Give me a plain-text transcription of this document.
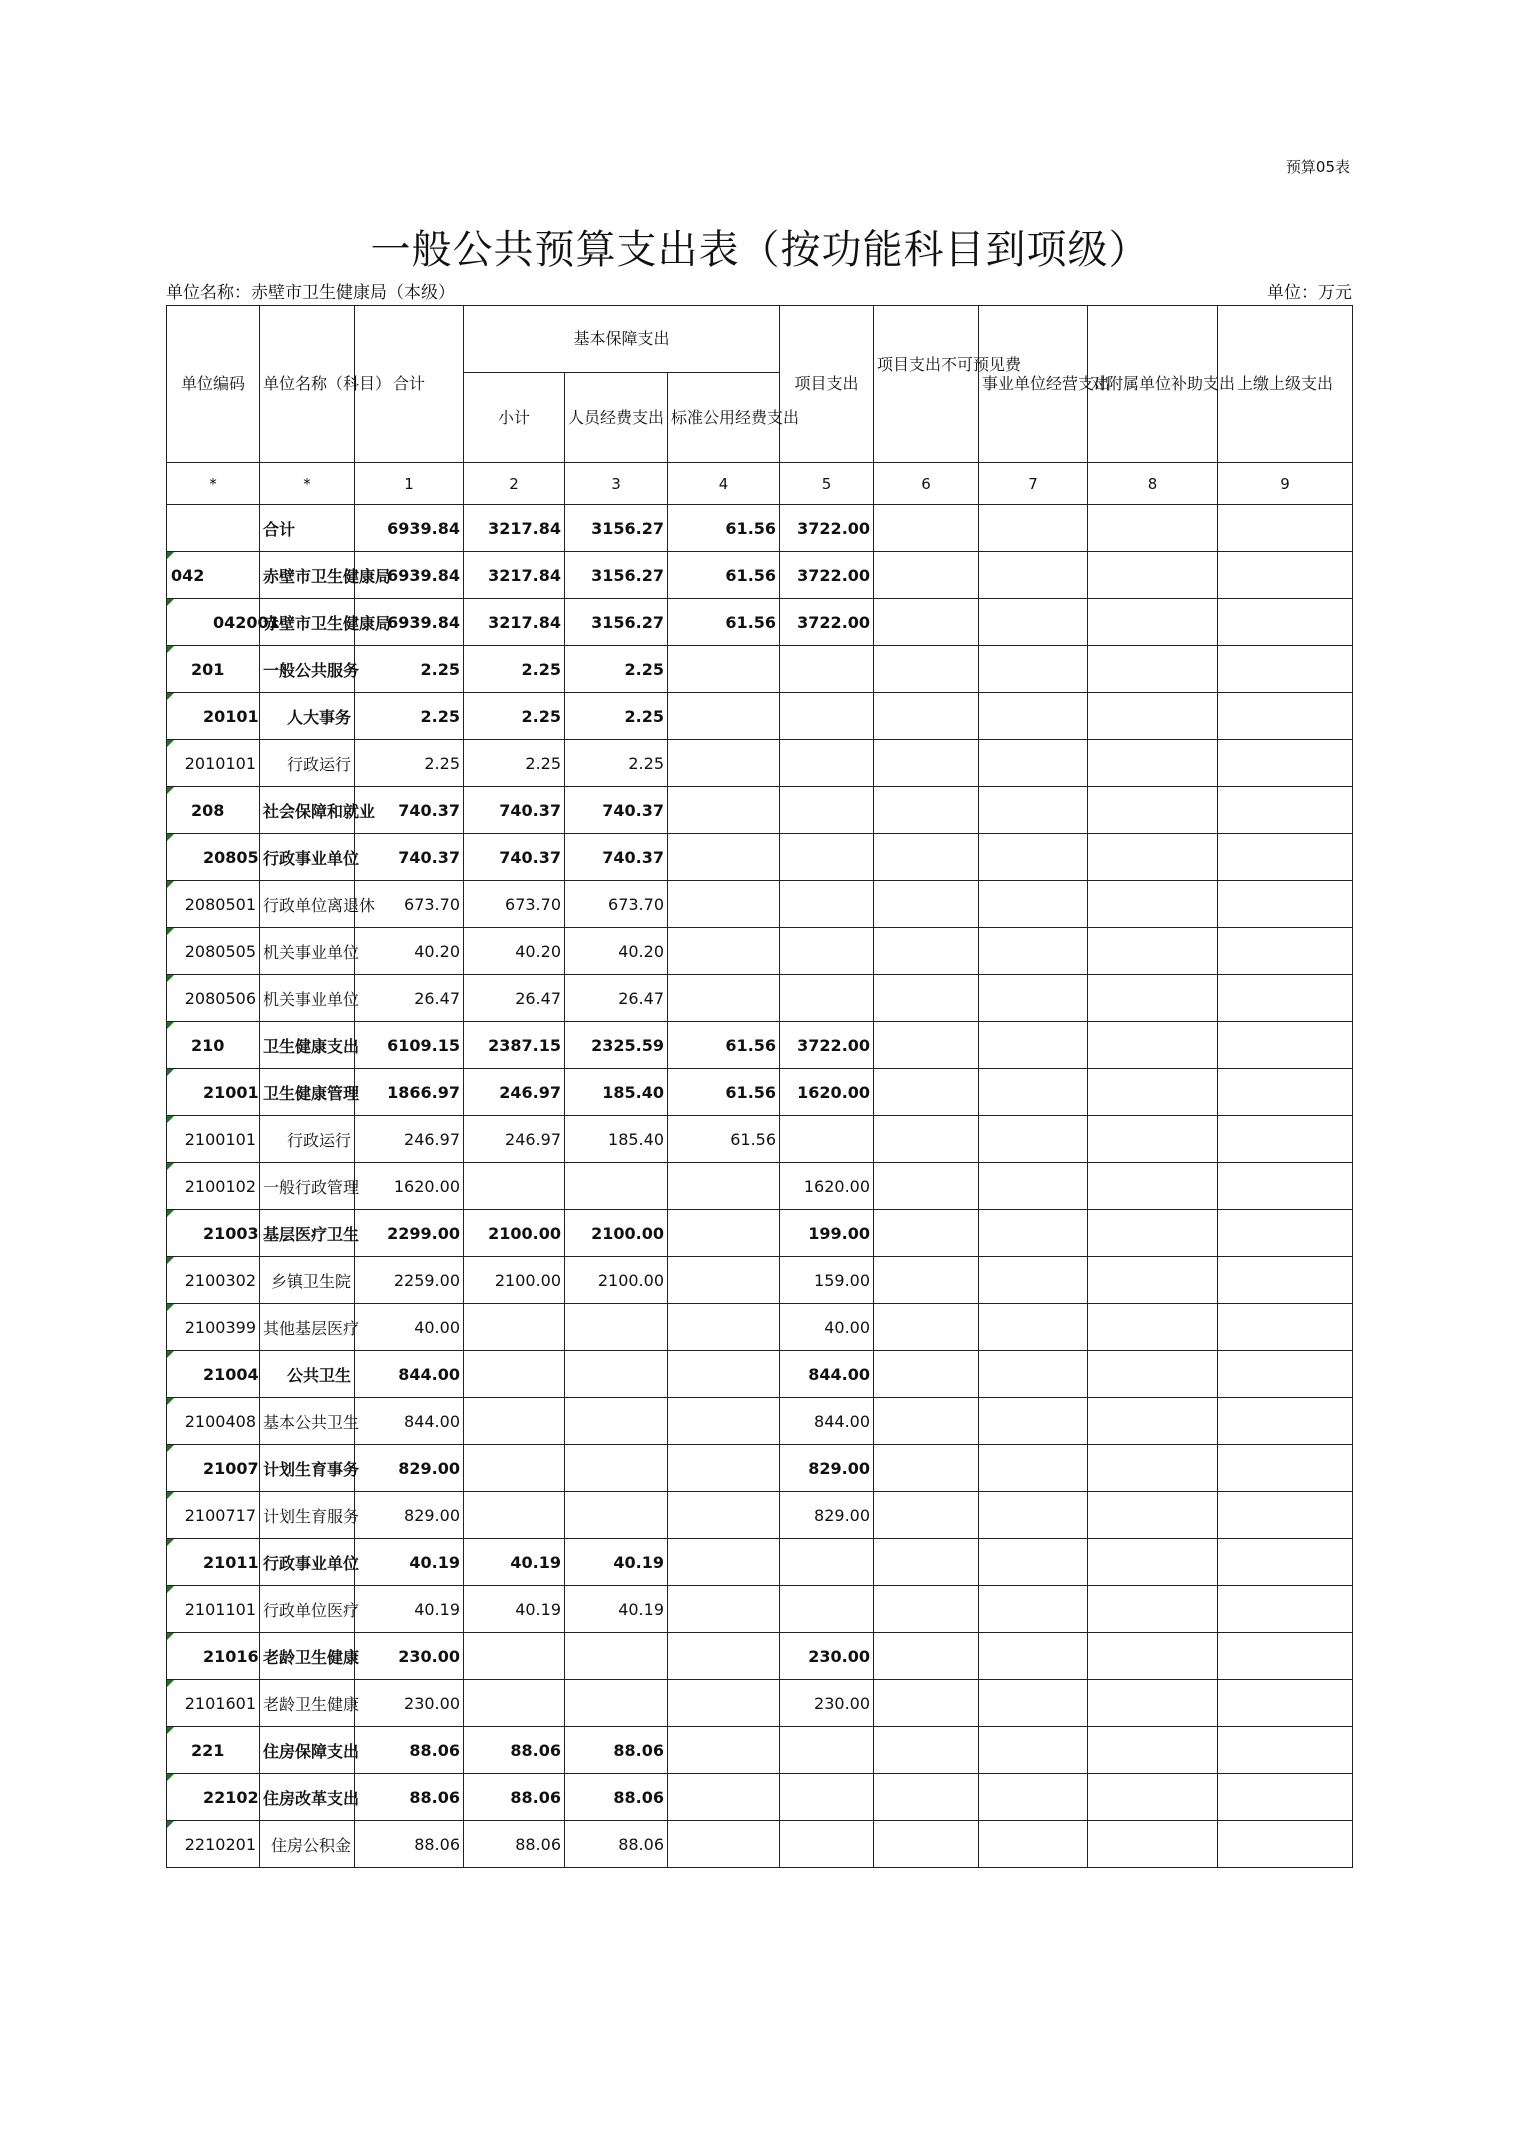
预算05表
一般公共预算支出表（按功能科目到项级）
单位名称：赤壁市卫生健康局（本级）	单位：万元
单位编码	单位名称（科目）	合计	基本保障支出			项目支出	项目支出不可预见费	事业单位经营支出	对附属单位补助支出	上缴上级支出
			小计	人员经费支出	标准公用经费支出					
*	*	1	2	3	4	5	6	7	8	9
	合计	6939.84	3217.84	3156.27	61.56	3722.00				

042	赤壁市卫生健康局	6939.84	3217.84	3156.27	61.56	3722.00				

042001	赤壁市卫生健康局	6939.84	3217.84	3156.27	61.56	3722.00				

201	一般公共服务	2.25	2.25	2.25						

20101	人大事务	2.25	2.25	2.25						

2010101	行政运行	2.25	2.25	2.25						

208	社会保障和就业	740.37	740.37	740.37						

20805	行政事业单位	740.37	740.37	740.37						

2080501	行政单位离退休	673.70	673.70	673.70						

2080505	机关事业单位	40.20	40.20	40.20						

2080506	机关事业单位	26.47	26.47	26.47						

210	卫生健康支出	6109.15	2387.15	2325.59	61.56	3722.00				

21001	卫生健康管理	1866.97	246.97	185.40	61.56	1620.00				

2100101	行政运行	246.97	246.97	185.40	61.56					

2100102	一般行政管理	1620.00				1620.00				

21003	基层医疗卫生	2299.00	2100.00	2100.00		199.00				

2100302	乡镇卫生院	2259.00	2100.00	2100.00		159.00				

2100399	其他基层医疗	40.00				40.00				

21004	公共卫生	844.00				844.00				

2100408	基本公共卫生	844.00				844.00				

21007	计划生育事务	829.00				829.00				

2100717	计划生育服务	829.00				829.00				

21011	行政事业单位	40.19	40.19	40.19						

2101101	行政单位医疗	40.19	40.19	40.19						

21016	老龄卫生健康	230.00				230.00				

2101601	老龄卫生健康	230.00				230.00				

221	住房保障支出	88.06	88.06	88.06						

22102	住房改革支出	88.06	88.06	88.06						

2210201	住房公积金	88.06	88.06	88.06						
